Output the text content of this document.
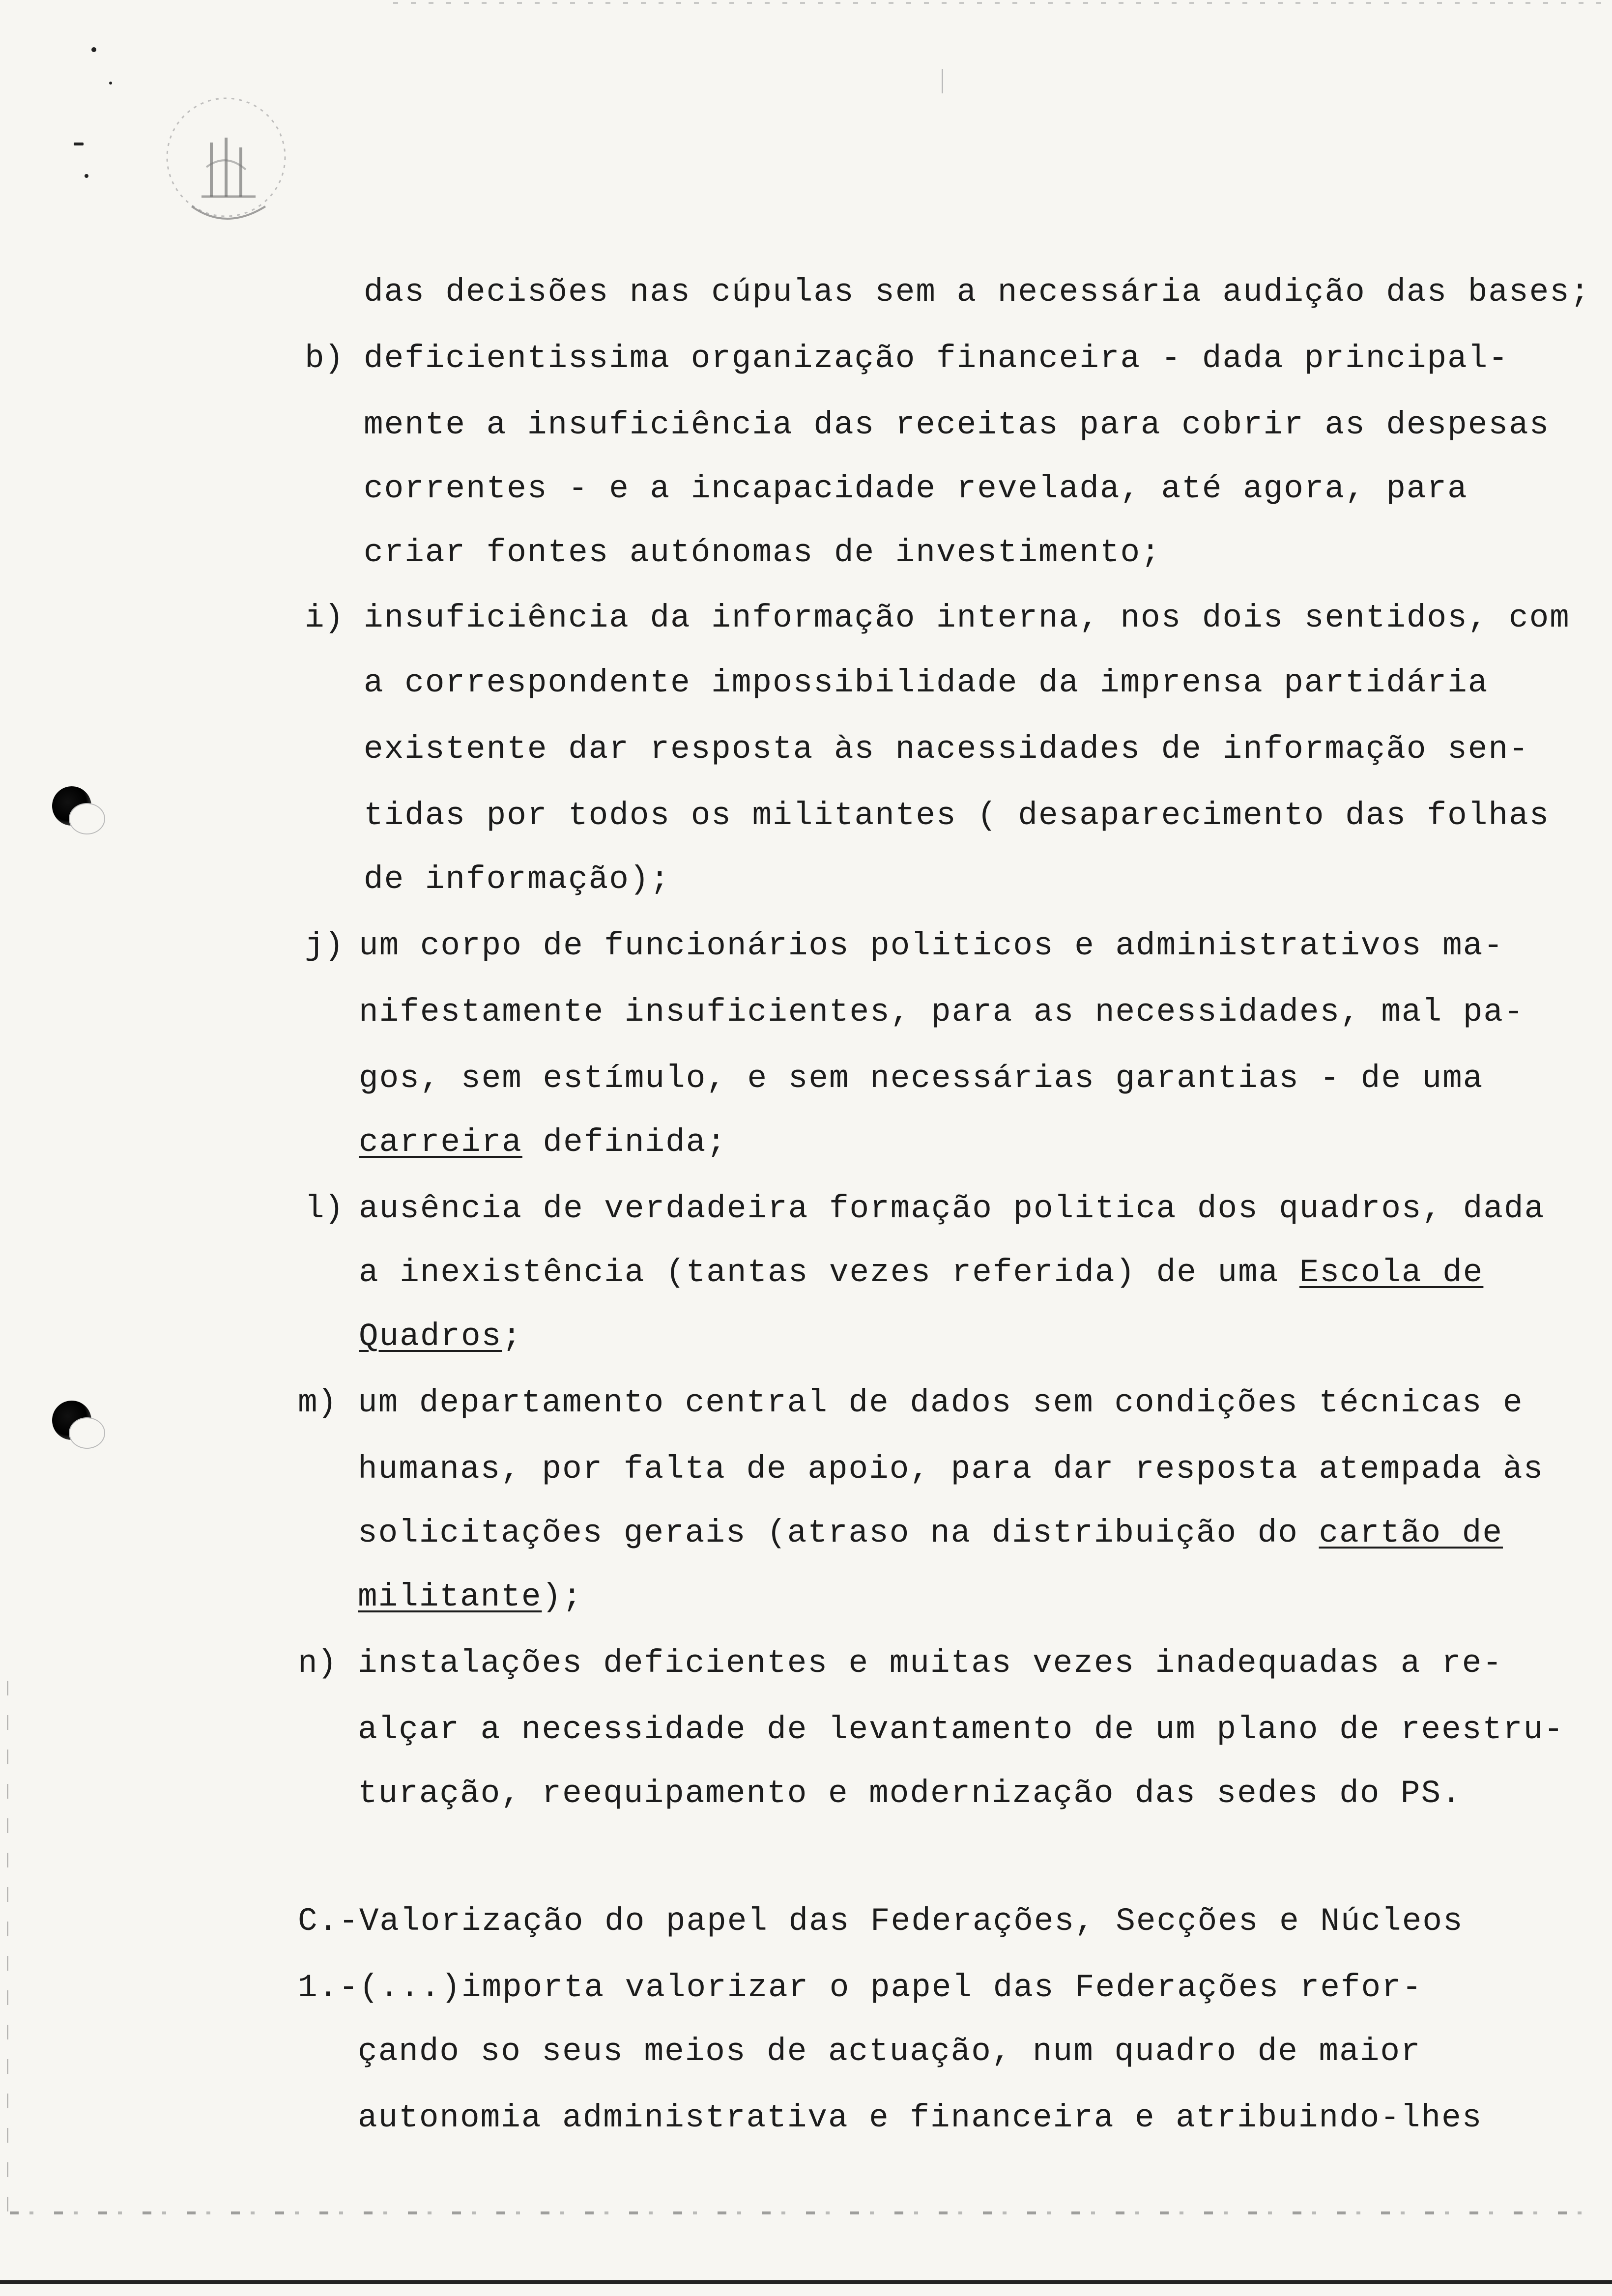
das decisões nas cúpulas sem a necessária audição das bases;
b) deficientissima organização financeira - dada principal-
mente a insuficiência das receitas para cobrir as despesas
correntes - e a incapacidade revelada, até agora, para
criar fontes autónomas de investimento;
i) insuficiência da informação interna, nos dois sentidos, com
a correspondente impossibilidade da imprensa partidária
existente dar resposta às nacessidades de informação sen-
tidas por todos os militantes ( desaparecimento das folhas
de informação);
j) um corpo de funcionários politicos e administrativos ma-
nifestamente insuficientes, para as necessidades, mal pa-
gos, sem estímulo, e sem necessárias garantias - de uma
carreira definida;
l) ausência de verdadeira formação politica dos quadros, dada
a inexistência (tantas vezes referida) de uma Escola de
Quadros;
m) um departamento central de dados sem condições técnicas e
humanas, por falta de apoio, para dar resposta atempada às
solicitações gerais (atraso na distribuição do cartão de
militante);
n) instalações deficientes e muitas vezes inadequadas a re-
alçar a necessidade de levantamento de um plano de reestru-
turação, reequipamento e modernização das sedes do PS.
C.-Valorização do papel das Federações, Secções e Núcleos
1.-(...)importa valorizar o papel das Federações refor-
çando so seus meios de actuação, num quadro de maior
autonomia administrativa e financeira e atribuindo-lhes
